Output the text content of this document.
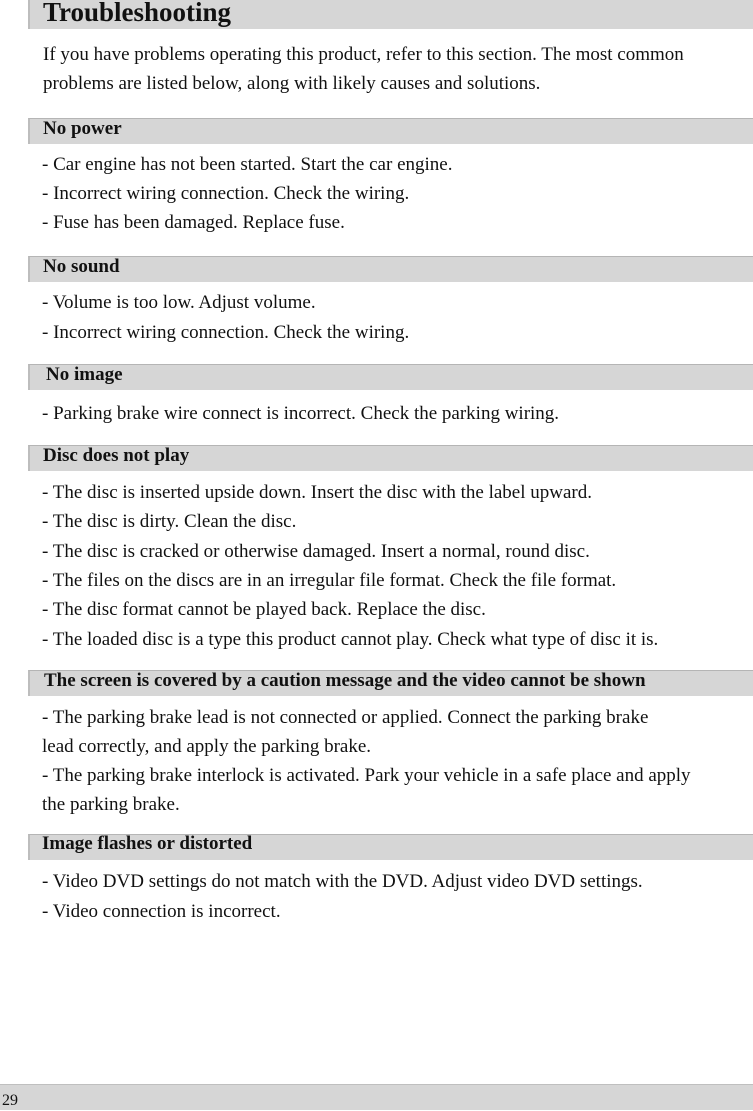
Troubleshooting

If you have problems operating this product, refer to this section. The most common problems are listed below, along with likely causes and solutions.

No power

- Car engine has not been started. Start the car engine.

- Incorrect wiring connection. Check the wiring.

- Fuse has been damaged. Replace fuse.

No sound

- Volume is too low. Adjust volume.

- Incorrect wiring connection. Check the wiring.

No image

- Parking brake wire connect is incorrect. Check the parking wiring.

Disc does not play

- The disc is inserted upside down. Insert the disc with the label upward.

- The disc is dirty. Clean the disc.

- The disc is cracked or otherwise damaged. Insert a normal, round disc.

- The files on the discs are in an irregular file format. Check the file format.

- The disc format cannot be played back. Replace the disc.

- The loaded disc is a type this product cannot play. Check what type of disc it is.

The screen is covered by a caution message and the video cannot be shown

- The parking brake lead is not connected or applied. Connect the parking brake

lead correctly, and apply the parking brake.

- The parking brake interlock is activated. Park your vehicle in a safe place and apply

the parking brake.

Image flashes or distorted

- Video DVD settings do not match with the DVD. Adjust video DVD settings.

- Video connection is incorrect.

29
